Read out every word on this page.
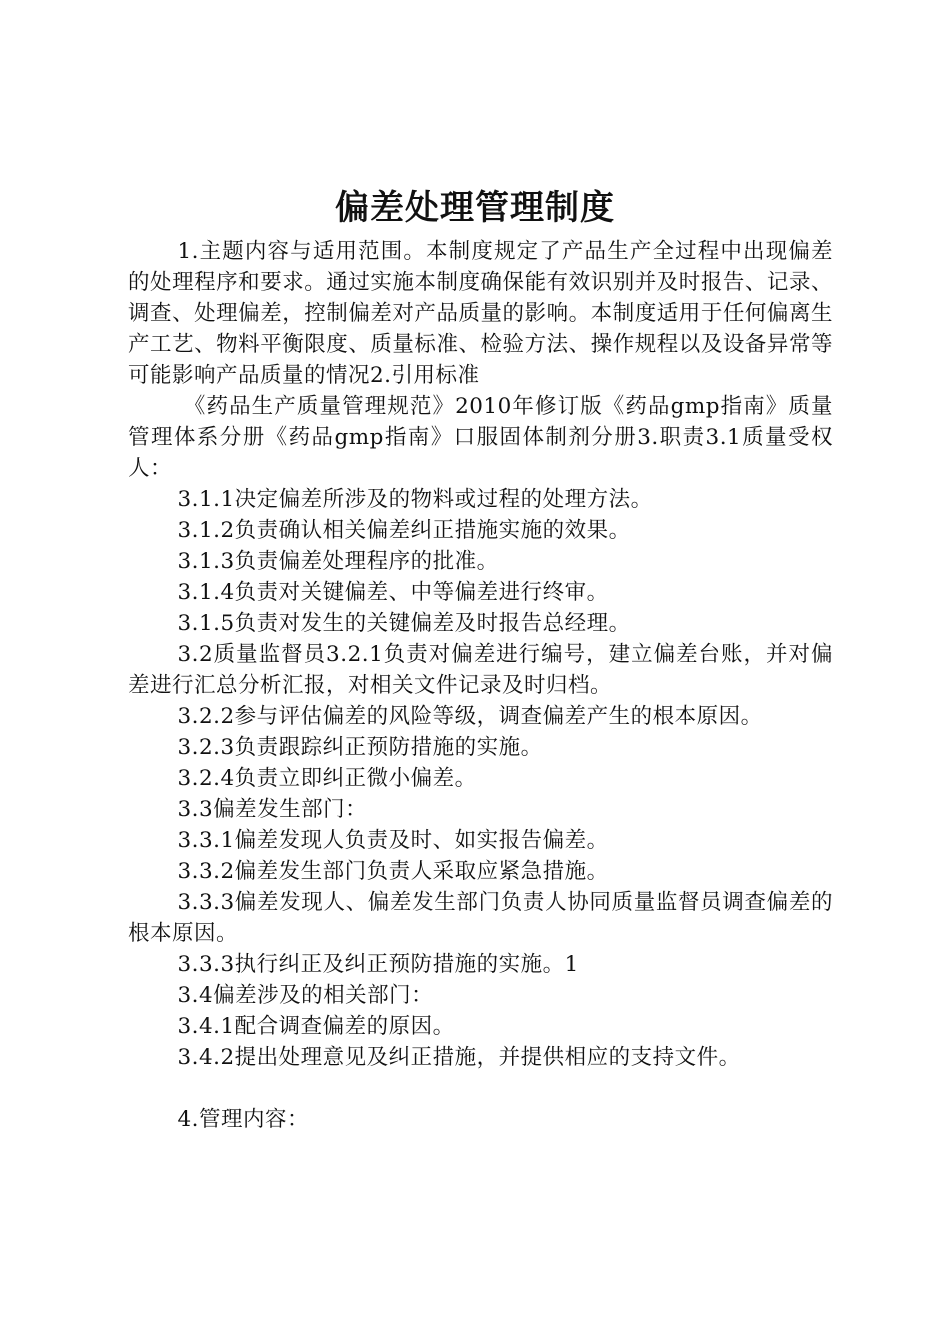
偏差处理管理制度

1.主题内容与适用范围。本制度规定了产品生产全过程中出现偏差的处理程序和要求。通过实施本制度确保能有效识别并及时报告、记录、调查、处理偏差，控制偏差对产品质量的影响。本制度适用于任何偏离生产工艺、物料平衡限度、质量标准、检验方法、操作规程以及设备异常等可能影响产品质量的情况2.引用标准

《药品生产质量管理规范》2010年修订版《药品gmp指南》质量管理体系分册《药品gmp指南》口服固体制剂分册3.职责3.1质量受权人：

3.1.1决定偏差所涉及的物料或过程的处理方法。

3.1.2负责确认相关偏差纠正措施实施的效果。

3.1.3负责偏差处理程序的批准。

3.1.4负责对关键偏差、中等偏差进行终审。

3.1.5负责对发生的关键偏差及时报告总经理。

3.2质量监督员3.2.1负责对偏差进行编号，建立偏差台账，并对偏差进行汇总分析汇报，对相关文件记录及时归档。

3.2.2参与评估偏差的风险等级，调查偏差产生的根本原因。

3.2.3负责跟踪纠正预防措施的实施。

3.2.4负责立即纠正微小偏差。

3.3偏差发生部门：

3.3.1偏差发现人负责及时、如实报告偏差。

3.3.2偏差发生部门负责人采取应紧急措施。

3.3.3偏差发现人、偏差发生部门负责人协同质量监督员调查偏差的根本原因。

3.3.3执行纠正及纠正预防措施的实施。1

3.4偏差涉及的相关部门：

3.4.1配合调查偏差的原因。

3.4.2提出处理意见及纠正措施，并提供相应的支持文件。

4.管理内容：
